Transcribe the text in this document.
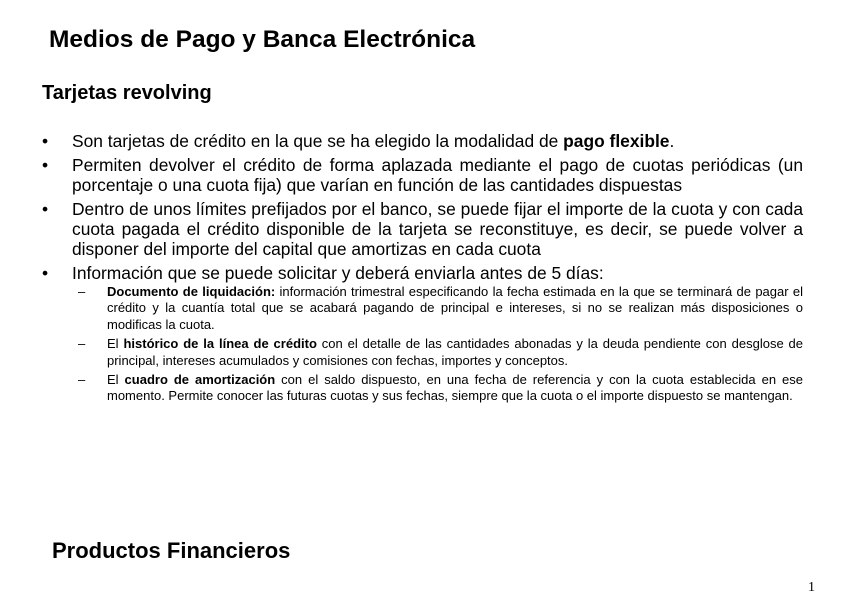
Medios de Pago y Banca Electrónica
Tarjetas revolving
• Son tarjetas de crédito en la que se ha elegido la modalidad de pago flexible.
• Permiten devolver el crédito de forma aplazada mediante el pago de cuotas periódicas (un porcentaje o una cuota fija) que varían en función de las cantidades dispuestas
• Dentro de unos límites prefijados por el banco, se puede fijar el importe de la cuota y con cada cuota pagada el crédito disponible de la tarjeta se reconstituye, es decir, se puede volver a disponer del importe del capital que amortizas en cada cuota
• Información que se puede solicitar y deberá enviarla antes de 5 días:
– Documento de liquidación: información trimestral especificando la fecha estimada en la que se terminará de pagar el crédito y la cuantía total que se acabará pagando de principal e intereses, si no se realizan más disposiciones o modificas la cuota.
– El histórico de la línea de crédito con el detalle de las cantidades abonadas y la deuda pendiente con desglose de principal, intereses acumulados y comisiones con fechas, importes y conceptos.
– El cuadro de amortización con el saldo dispuesto, en una fecha de referencia y con la cuota establecida en ese momento. Permite conocer las futuras cuotas y sus fechas, siempre que la cuota o el importe dispuesto se mantengan.
Productos Financieros
1
